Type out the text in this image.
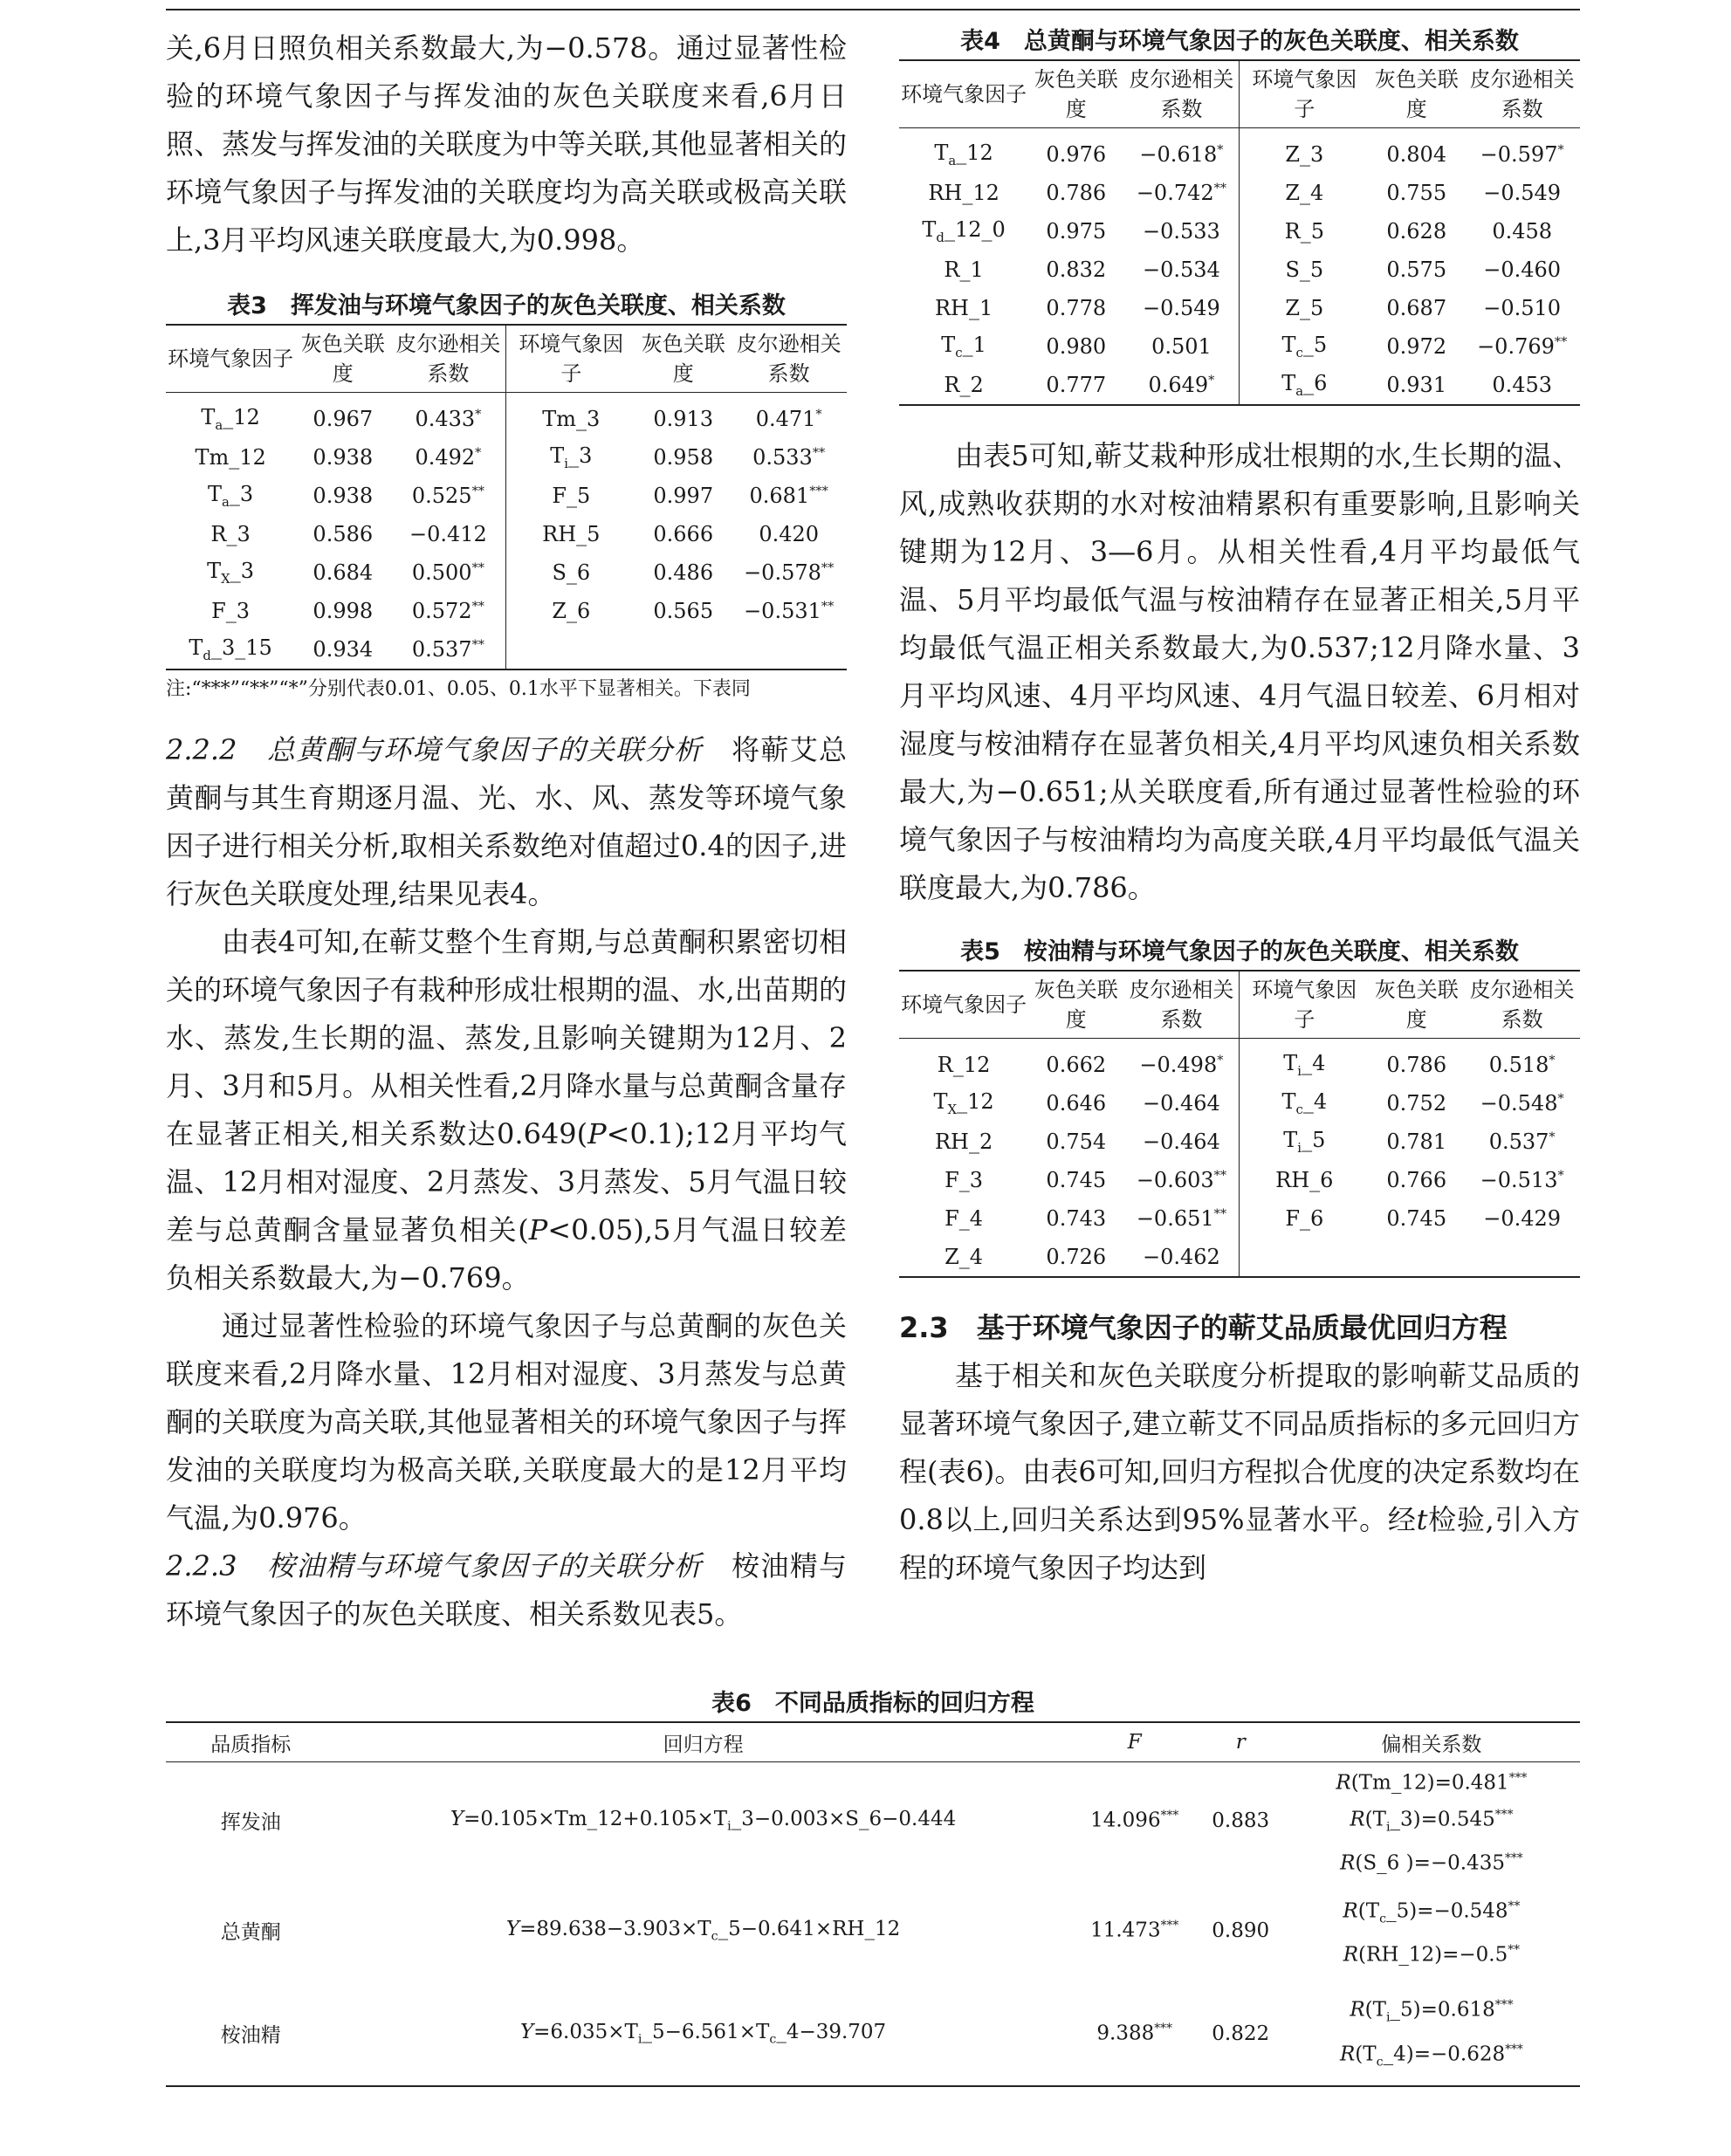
关,6月日照负相关系数最大,为−0.578。通过显著性检验的环境气象因子与挥发油的灰色关联度来看,6月日照、蒸发与挥发油的关联度为中等关联,其他显著相关的环境气象因子与挥发油的关联度均为高关联或极高关联上,3月平均风速关联度最大,为0.998。

表3　挥发油与环境气象因子的灰色关联度、相关系数

环境气象因子	灰色关联度	皮尔逊相关系数	环境气象因子	灰色关联度	皮尔逊相关系数
$T_a\_12$	0.967	0.433*	Tm_3	0.913	0.471*
Tm_12	0.938	0.492*	$T_i\_3$	0.958	0.533**
$T_a\_3$	0.938	0.525**	F_5	0.997	0.681***
R_3	0.586	−0.412	RH_5	0.666	0.420
$T_X\_3$	0.684	0.500**	S_6	0.486	−0.578**
F_3	0.998	0.572**	Z_6	0.565	−0.531**
$T_d\_3\_15$	0.934	0.537**			

注:“***”“**”“*”分别代表0.01、0.05、0.1水平下显著相关。下表同

2.2.2　总黄酮与环境气象因子的关联分析　 将蕲艾总黄酮与其生育期逐月温、光、水、风、蒸发等环境气象因子进行相关分析,取相关系数绝对值超过0.4的因子,进行灰色关联度处理,结果见表4。

由表4可知,在蕲艾整个生育期,与总黄酮积累密切相关的环境气象因子有栽种形成壮根期的温、水,出苗期的水、蒸发,生长期的温、蒸发,且影响关键期为12月、2月、3月和5月。从相关性看,2月降水量与总黄酮含量存在显著正相关,相关系数达0.649(P<0.1);12月平均气温、12月相对湿度、2月蒸发、3月蒸发、5月气温日较差与总黄酮含量显著负相关(P<0.05),5月气温日较差负相关系数最大,为−0.769。

通过显著性检验的环境气象因子与总黄酮的灰色关联度来看,2月降水量、12月相对湿度、3月蒸发与总黄酮的关联度为高关联,其他显著相关的环境气象因子与挥发油的关联度均为极高关联,关联度最大的是12月平均气温,为0.976。

2.2.3　桉油精与环境气象因子的关联分析　 桉油精与环境气象因子的灰色关联度、相关系数见表5。

表4　总黄酮与环境气象因子的灰色关联度、相关系数

环境气象因子	灰色关联度	皮尔逊相关系数	环境气象因子	灰色关联度	皮尔逊相关系数
$T_a\_12$	0.976	−0.618*	Z_3	0.804	−0.597*
RH_12	0.786	−0.742**	Z_4	0.755	−0.549
$T_d\_12\_0$	0.975	−0.533	R_5	0.628	0.458
R_1	0.832	−0.534	S_5	0.575	−0.460
RH_1	0.778	−0.549	Z_5	0.687	−0.510
$T_c\_1$	0.980	0.501	$T_c\_5$	0.972	−0.769**
R_2	0.777	0.649*	$T_a\_6$	0.931	0.453

由表5可知,蕲艾栽种形成壮根期的水,生长期的温、风,成熟收获期的水对桉油精累积有重要影响,且影响关键期为12月、3—6月。从相关性看,4月平均最低气温、5月平均最低气温与桉油精存在显著正相关,5月平均最低气温正相关系数最大,为0.537;12月降水量、3月平均风速、4月平均风速、4月气温日较差、6月相对湿度与桉油精存在显著负相关,4月平均风速负相关系数最大,为−0.651;从关联度看,所有通过显著性检验的环境气象因子与桉油精均为高度关联,4月平均最低气温关联度最大,为0.786。

表5　桉油精与环境气象因子的灰色关联度、相关系数

环境气象因子	灰色关联度	皮尔逊相关系数	环境气象因子	灰色关联度	皮尔逊相关系数
R_12	0.662	−0.498*	$T_i\_4$	0.786	0.518*
$T_X\_12$	0.646	−0.464	$T_c\_4$	0.752	−0.548*
RH_2	0.754	−0.464	$T_i\_5$	0.781	0.537*
F_3	0.745	−0.603**	RH_6	0.766	−0.513*
F_4	0.743	−0.651**	F_6	0.745	−0.429
Z_4	0.726	−0.462			

2.3　基于环境气象因子的蕲艾品质最优回归方程

基于相关和灰色关联度分析提取的影响蕲艾品质的显著环境气象因子,建立蕲艾不同品质指标的多元回归方程(表6)。由表6可知,回归方程拟合优度的决定系数均在0.8以上,回归关系达到95%显著水平。经t检验,引入方程的环境气象因子均达到

表6　不同品质指标的回归方程

品质指标	回归方程	F	r	偏相关系数
挥发油	$Y=0.105\times Tm\_12+0.105\times T_i\_3-0.003\times S\_6-0.444$	14.096***	0.883	R(Tm_12)=0.481***
$R(T_i\_3)=0.545^{***}$
R(S_6 )=−0.435***

总黄酮	$Y=89.638-3.903\times T_c\_5-0.641\times RH\_12$	11.473***	0.890	$R(T_c\_5)=-0.548^{**}$
R(RH_12)=−0.5**

桉油精	$Y=6.035\times T_i\_5-6.561\times T_c\_4-39.707$	9.388***	0.822	$R(T_i\_5)=0.618^{***}$
$R(T_c\_4)=-0.628^{***}$
